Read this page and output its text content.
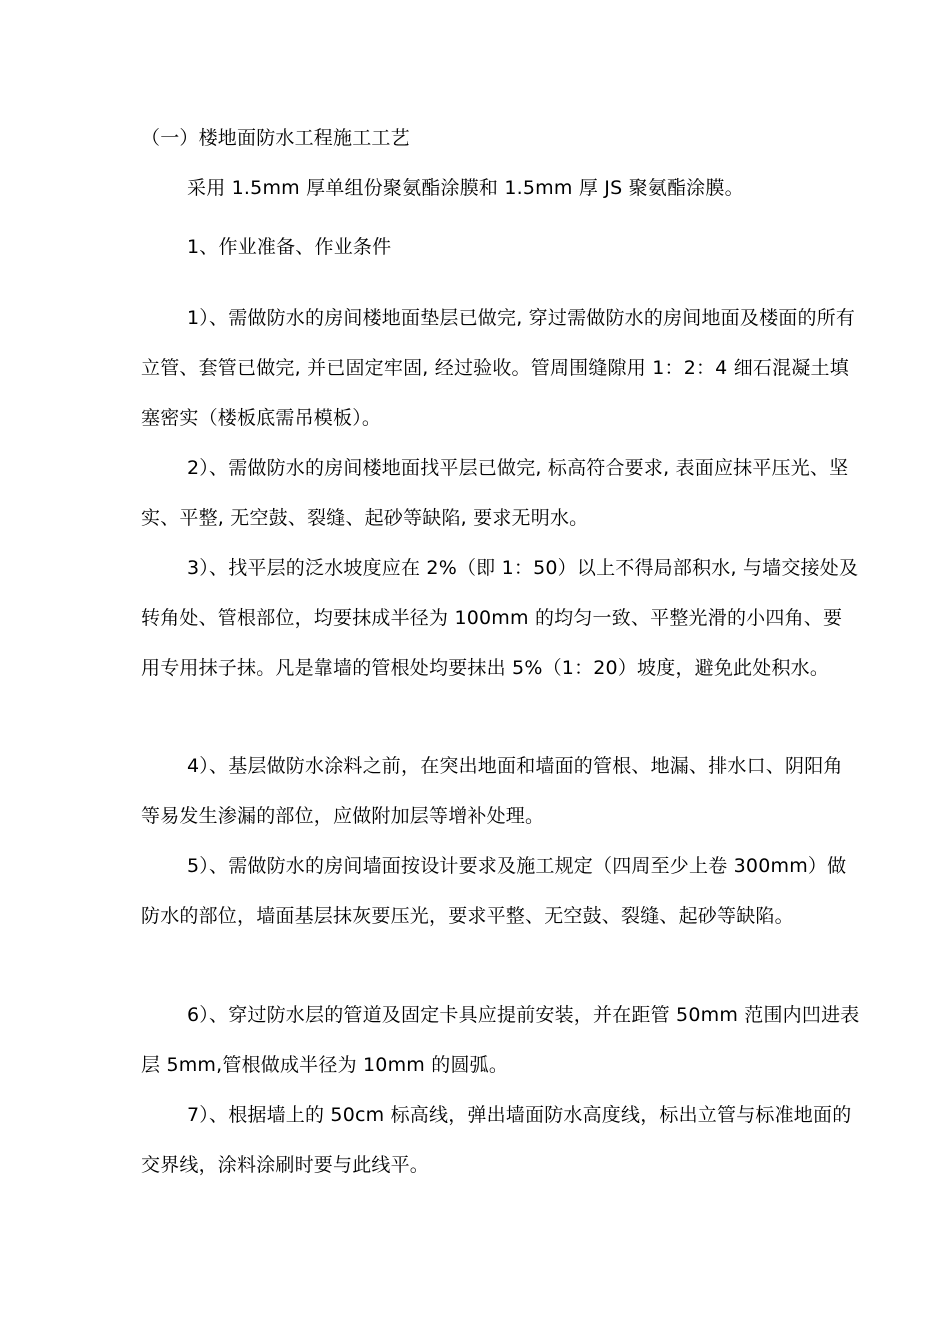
（一）楼地面防水工程施工工艺
采用 1.5mm 厚单组份聚氨酯涂膜和 1.5mm 厚 JS 聚氨酯涂膜。
1、作业准备、作业条件
1）、需做防水的房间楼地面垫层已做完, 穿过需做防水的房间地面及楼面的所有立管、套管已做完, 并已固定牢固, 经过验收。管周围缝隙用 1：2：4 细石混凝土填塞密实（楼板底需吊模板）。
2）、需做防水的房间楼地面找平层已做完, 标高符合要求, 表面应抹平压光、坚实、平整, 无空鼓、裂缝、起砂等缺陷, 要求无明水。
3）、找平层的泛水坡度应在 2%（即 1：50）以上不得局部积水, 与墙交接处及转角处、管根部位，均要抹成半径为 100mm 的均匀一致、平整光滑的小四角、要用专用抹子抹。凡是靠墙的管根处均要抹出 5%（1：20）坡度，避免此处积水。
4）、基层做防水涂料之前，在突出地面和墙面的管根、地漏、排水口、阴阳角等易发生渗漏的部位，应做附加层等增补处理。
5）、需做防水的房间墙面按设计要求及施工规定（四周至少上卷 300mm）做防水的部位，墙面基层抹灰要压光，要求平整、无空鼓、裂缝、起砂等缺陷。
6）、穿过防水层的管道及固定卡具应提前安装，并在距管 50mm 范围内凹进表层 5mm,管根做成半径为 10mm 的圆弧。
7）、根据墙上的 50cm 标高线，弹出墙面防水高度线，标出立管与标准地面的交界线，涂料涂刷时要与此线平。
